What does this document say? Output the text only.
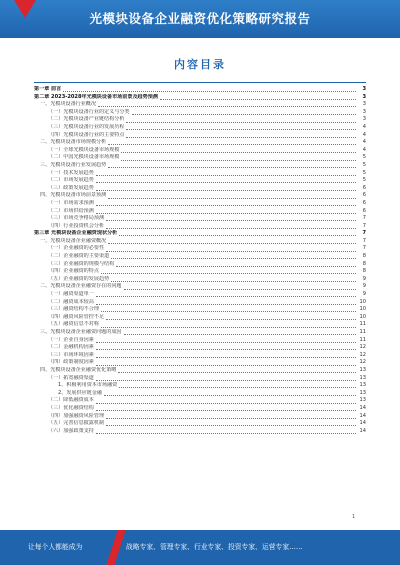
光模块设备企业融资优化策略研究报告
内容目录
第一章 前言	3
第二章 2023-2028年光模块设备市场前景及趋势预测	3
一、光模块设备行业概况	3
（一）光模块设备行业的定义与分类	3
（二）光模块设备产业链结构分析	3
（三）光模块设备行业的发展历程	4
（四）光模块设备行业的主要特点	4
二、光模块设备市场规模分析	4
（一）全球光模块设备市场规模	4
（二）中国光模块设备市场规模	5
三、光模块设备行业发展趋势	5
（一）技术发展趋势	5
（二）市场发展趋势	5
（三）政策发展趋势	6
四、光模块设备市场前景预测	6
（一）市场需求预测	6
（二）市场供给预测	6
（三）市场竞争格局预测	7
（四）行业投资机会分析	7
第三章 光模块设备企业融资现状分析	7
一、光模块设备企业融资概况	7
（一）企业融资的必要性	7
（二）企业融资的主要渠道	8
（三）企业融资的规模与结构	8
（四）企业融资的特点	8
（五）企业融资的发展趋势	9
二、光模块设备企业融资存在的问题	9
（一）融资渠道单一	9
（二）融资成本较高	10
（三）融资结构不合理	10
（四）融资风险管控不足	10
（五）融资信息不对称	11
三、光模块设备企业融资问题的成因	11
（一）企业自身因素	11
（二）金融机构因素	12
（三）市场环境因素	12
（四）政策制度因素	12
四、光模块设备企业融资优化策略	13
（一）拓宽融资渠道	13
1、积极利用资本市场融资	13
2、发展供应链金融	13
（二）降低融资成本	13
（三）优化融资结构	14
（四）加强融资风险管理	14
（五）完善信息披露机制	14
（六）加强政策支持	14
1
让每个人都能成为	战略专家、管理专家、行业专家、投资专家、运营专家……
